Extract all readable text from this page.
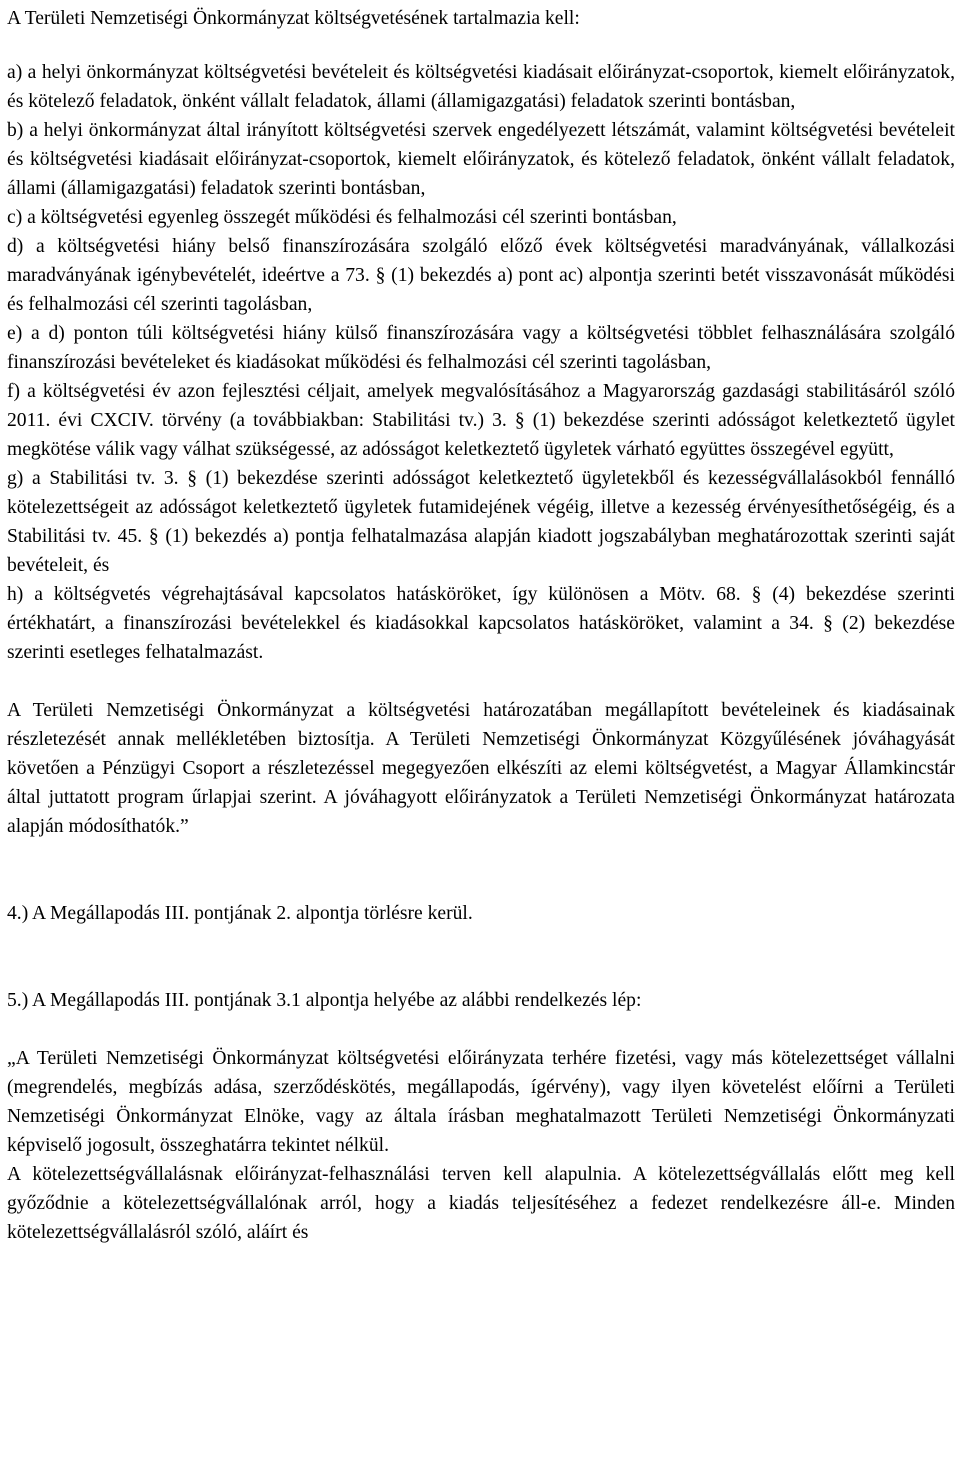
A Területi Nemzetiségi Önkormányzat költségvetésének tartalmazia kell:

a) a helyi önkormányzat költségvetési bevételeit és költségvetési kiadásait előirányzat-csoportok, kiemelt előirányzatok, és kötelező feladatok, önként vállalt feladatok, állami (államigazgatási) feladatok szerinti bontásban,

b) a helyi önkormányzat által irányított költségvetési szervek engedélyezett létszámát, valamint költségvetési bevételeit és költségvetési kiadásait előirányzat-csoportok, kiemelt előirányzatok, és kötelező feladatok, önként vállalt feladatok, állami (államigazgatási) feladatok szerinti bontásban,

c) a költségvetési egyenleg összegét működési és felhalmozási cél szerinti bontásban,

d) a költségvetési hiány belső finanszírozására szolgáló előző évek költségvetési maradványának, vállalkozási maradványának igénybevételét, ideértve a 73. § (1) bekezdés a) pont ac) alpontja szerinti betét visszavonását működési és felhalmozási cél szerinti tagolásban,

e) a d) ponton túli költségvetési hiány külső finanszírozására vagy a költségvetési többlet felhasználására szolgáló finanszírozási bevételeket és kiadásokat működési és felhalmozási cél szerinti tagolásban,

f) a költségvetési év azon fejlesztési céljait, amelyek megvalósításához a Magyarország gazdasági stabilitásáról szóló 2011. évi CXCIV. törvény (a továbbiakban: Stabilitási tv.) 3. § (1) bekezdése szerinti adósságot keletkeztető ügylet megkötése válik vagy válhat szükségessé, az adósságot keletkeztető ügyletek várható együttes összegével együtt,

g) a Stabilitási tv. 3. § (1) bekezdése szerinti adósságot keletkeztető ügyletekből és kezességvállalásokból fennálló kötelezettségeit az adósságot keletkeztető ügyletek futamidejének végéig, illetve a kezesség érvényesíthetőségéig, és a Stabilitási tv. 45. § (1) bekezdés a) pontja felhatalmazása alapján kiadott jogszabályban meghatározottak szerinti saját bevételeit, és

h) a költségvetés végrehajtásával kapcsolatos hatásköröket, így különösen a Mötv. 68. § (4) bekezdése szerinti értékhatárt, a finanszírozási bevételekkel és kiadásokkal kapcsolatos hatásköröket, valamint a 34. § (2) bekezdése szerinti esetleges felhatalmazást.

A Területi Nemzetiségi Önkormányzat a költségvetési határozatában megállapított bevételeinek és kiadásainak részletezését annak mellékletében biztosítja. A Területi Nemzetiségi Önkormányzat Közgyűlésének jóváhagyását követően a Pénzügyi Csoport a részletezéssel megegyezően elkészíti az elemi költségvetést, a Magyar Államkincstár által juttatott program űrlapjai szerint. A jóváhagyott előirányzatok a Területi Nemzetiségi Önkormányzat határozata alapján módosíthatók.”

4.) A Megállapodás III. pontjának 2. alpontja törlésre kerül.

5.) A Megállapodás III. pontjának 3.1 alpontja helyébe az alábbi rendelkezés lép:

„A Területi Nemzetiségi Önkormányzat költségvetési előirányzata terhére fizetési, vagy más kötelezettséget vállalni (megrendelés, megbízás adása, szerződéskötés, megállapodás, ígérvény), vagy ilyen követelést előírni a Területi Nemzetiségi Önkormányzat Elnöke, vagy az általa írásban meghatalmazott Területi Nemzetiségi Önkormányzati képviselő jogosult, összeghatárra tekintet nélkül.

A kötelezettségvállalásnak előirányzat-felhasználási terven kell alapulnia. A kötelezettségvállalás előtt meg kell győződnie a kötelezettségvállalónak arról, hogy a kiadás teljesítéséhez a fedezet rendelkezésre áll-e. Minden kötelezettségvállalásról szóló, aláírt és
